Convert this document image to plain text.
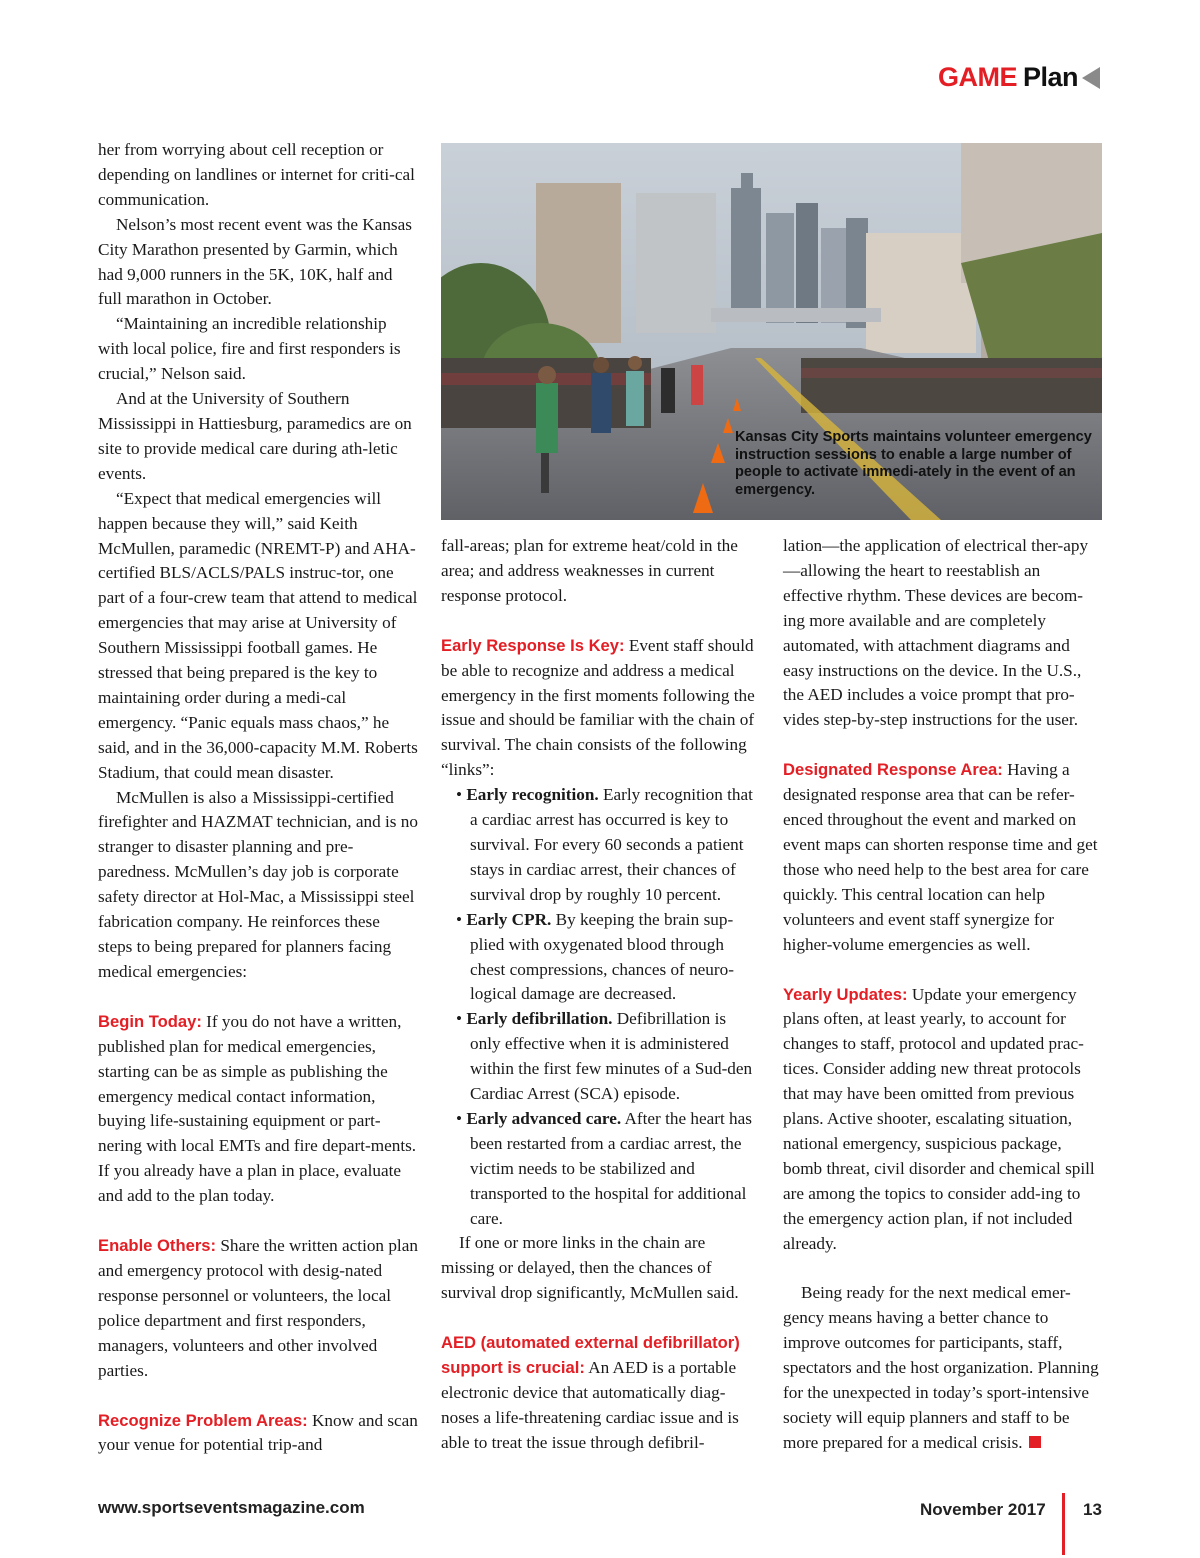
GAME Plan

her from worrying about cell reception or depending on landlines or internet for criti-cal communication.

Nelson’s most recent event was the Kansas City Marathon presented by Garmin, which had 9,000 runners in the 5K, 10K, half and full marathon in October.

“Maintaining an incredible relationship with local police, fire and first responders is crucial,” Nelson said.

And at the University of Southern Mississippi in Hattiesburg, paramedics are on site to provide medical care during ath-letic events.

“Expect that medical emergencies will happen because they will,” said Keith McMullen, paramedic (NREMT-P) and AHA-certified BLS/ACLS/PALS instruc-tor, one part of a four-crew team that attend to medical emergencies that may arise at University of Southern Mississippi football games. He stressed that being prepared is the key to maintaining order during a medi-cal emergency. “Panic equals mass chaos,” he said, and in the 36,000-capacity M.M. Roberts Stadium, that could mean disaster.

McMullen is also a Mississippi-certified firefighter and HAZMAT technician, and is no stranger to disaster planning and pre-paredness. McMullen’s day job is corporate safety director at Hol-Mac, a Mississippi steel fabrication company. He reinforces these steps to being prepared for planners facing medical emergencies:

Begin Today: If you do not have a written, published plan for medical emergencies, starting can be as simple as publishing the emergency medical contact information, buying life-sustaining equipment or part-nering with local EMTs and fire depart-ments. If you already have a plan in place, evaluate and add to the plan today.

Enable Others: Share the written action plan and emergency protocol with desig-nated response personnel or volunteers, the local police department and first responders, managers, volunteers and other involved parties.

Recognize Problem Areas: Know and scan your venue for potential trip-and

Kansas City Sports maintains volunteer emergency instruction sessions to enable a large number of people to activate immedi-ately in the event of an emergency.

fall-areas; plan for extreme heat/cold in the area; and address weaknesses in current response protocol.

Early Response Is Key: Event staff should be able to recognize and address a medical emergency in the first moments following the issue and should be familiar with the chain of survival. The chain consists of the following “links”:

• Early recognition. Early recognition that a cardiac arrest has occurred is key to survival. For every 60 seconds a patient stays in cardiac arrest, their chances of survival drop by roughly 10 percent.

• Early CPR. By keeping the brain sup-plied with oxygenated blood through chest compressions, chances of neuro-logical damage are decreased.

• Early defibrillation. Defibrillation is only effective when it is administered within the first few minutes of a Sud-den Cardiac Arrest (SCA) episode.

• Early advanced care. After the heart has been restarted from a cardiac arrest, the victim needs to be stabilized and transported to the hospital for additional care.

If one or more links in the chain are missing or delayed, then the chances of survival drop significantly, McMullen said.

AED (automated external defibrillator) support is crucial: An AED is a portable electronic device that automatically diag-noses a life-threatening cardiac issue and is able to treat the issue through defibril-

lation—the application of electrical ther-apy—allowing the heart to reestablish an effective rhythm. These devices are becom-ing more available and are completely automated, with attachment diagrams and easy instructions on the device. In the U.S., the AED includes a voice prompt that pro-vides step-by-step instructions for the user.

Designated Response Area: Having a designated response area that can be refer-enced throughout the event and marked on event maps can shorten response time and get those who need help to the best area for care quickly. This central location can help volunteers and event staff synergize for higher-volume emergencies as well.

Yearly Updates: Update your emergency plans often, at least yearly, to account for changes to staff, protocol and updated prac-tices. Consider adding new threat protocols that may have been omitted from previous plans. Active shooter, escalating situation, national emergency, suspicious package, bomb threat, civil disorder and chemical spill are among the topics to consider add-ing to the emergency action plan, if not included already.

Being ready for the next medical emer-gency means having a better chance to improve outcomes for participants, staff, spectators and the host organization. Planning for the unexpected in today’s sport-intensive society will equip planners and staff to be more prepared for a medical crisis.

www.sportseventsmagazine.com	November 2017 13
